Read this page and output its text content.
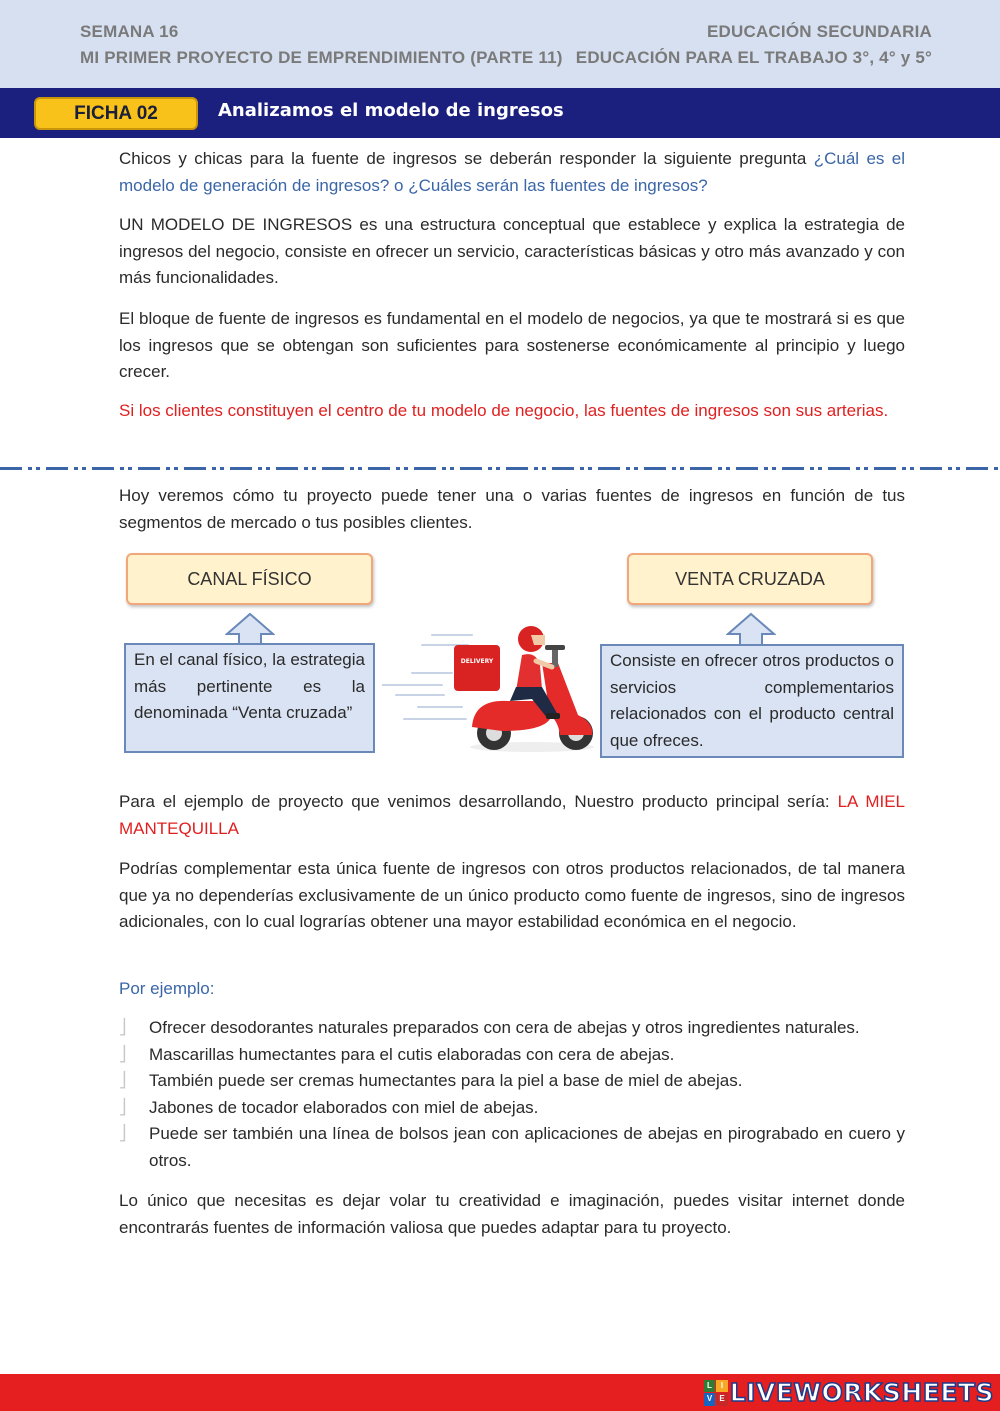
SEMANA 16
MI PRIMER PROYECTO DE EMPRENDIMIENTO (PARTE 11)
EDUCACIÓN SECUNDARIA
EDUCACIÓN PARA EL TRABAJO 3°, 4° y 5°
FICHA 02	Analizamos el modelo de ingresos

Chicos y chicas para la fuente de ingresos se deberán responder la siguiente pregunta ¿Cuál es el modelo de generación de ingresos? o ¿Cuáles serán las fuentes de ingresos?

UN MODELO DE INGRESOS es una estructura conceptual que establece y explica la estrategia de ingresos del negocio, consiste en ofrecer un servicio, características básicas y otro más avanzado y con más funcionalidades.

El bloque de fuente de ingresos es fundamental en el modelo de negocios, ya que te mostrará si es que los ingresos que se obtengan son suficientes para sostenerse económicamente al principio y luego crecer.

Si los clientes constituyen el centro de tu modelo de negocio, las fuentes de ingresos son sus arterias.

Hoy veremos cómo tu proyecto puede tener una o varias fuentes de ingresos en función de tus segmentos de mercado o tus posibles clientes.

CANAL FÍSICO
En el canal físico, la estrategia más pertinente es la denominada “Venta cruzada”
VENTA CRUZADA
Consiste en ofrecer otros productos o servicios complementarios relacionados con el producto central que ofreces.
DELIVERY

Para el ejemplo de proyecto que venimos desarrollando, Nuestro producto principal sería: LA MIEL MANTEQUILLA

Podrías complementar esta única fuente de ingresos con otros productos relacionados, de tal manera que ya no dependerías exclusivamente de un único producto como fuente de ingresos, sino de ingresos adicionales, con lo cual lograrías obtener una mayor estabilidad económica en el negocio.

Por ejemplo:

⎦ Ofrecer desodorantes naturales preparados con cera de abejas y otros ingredientes naturales.
⎦ Mascarillas humectantes para el cutis elaboradas con cera de abejas.
⎦ También puede ser cremas humectantes para la piel a base de miel de abejas.
⎦ Jabones de tocador elaborados con miel de abejas.
⎦ Puede ser también una línea de bolsos jean con aplicaciones de abejas en pirograbado en cuero y otros.

Lo único que necesitas es dejar volar tu creatividad e imaginación, puedes visitar internet donde encontrarás fuentes de información valiosa que puedes adaptar para tu proyecto.

L	I
V E LIVEWORKSHEETS
